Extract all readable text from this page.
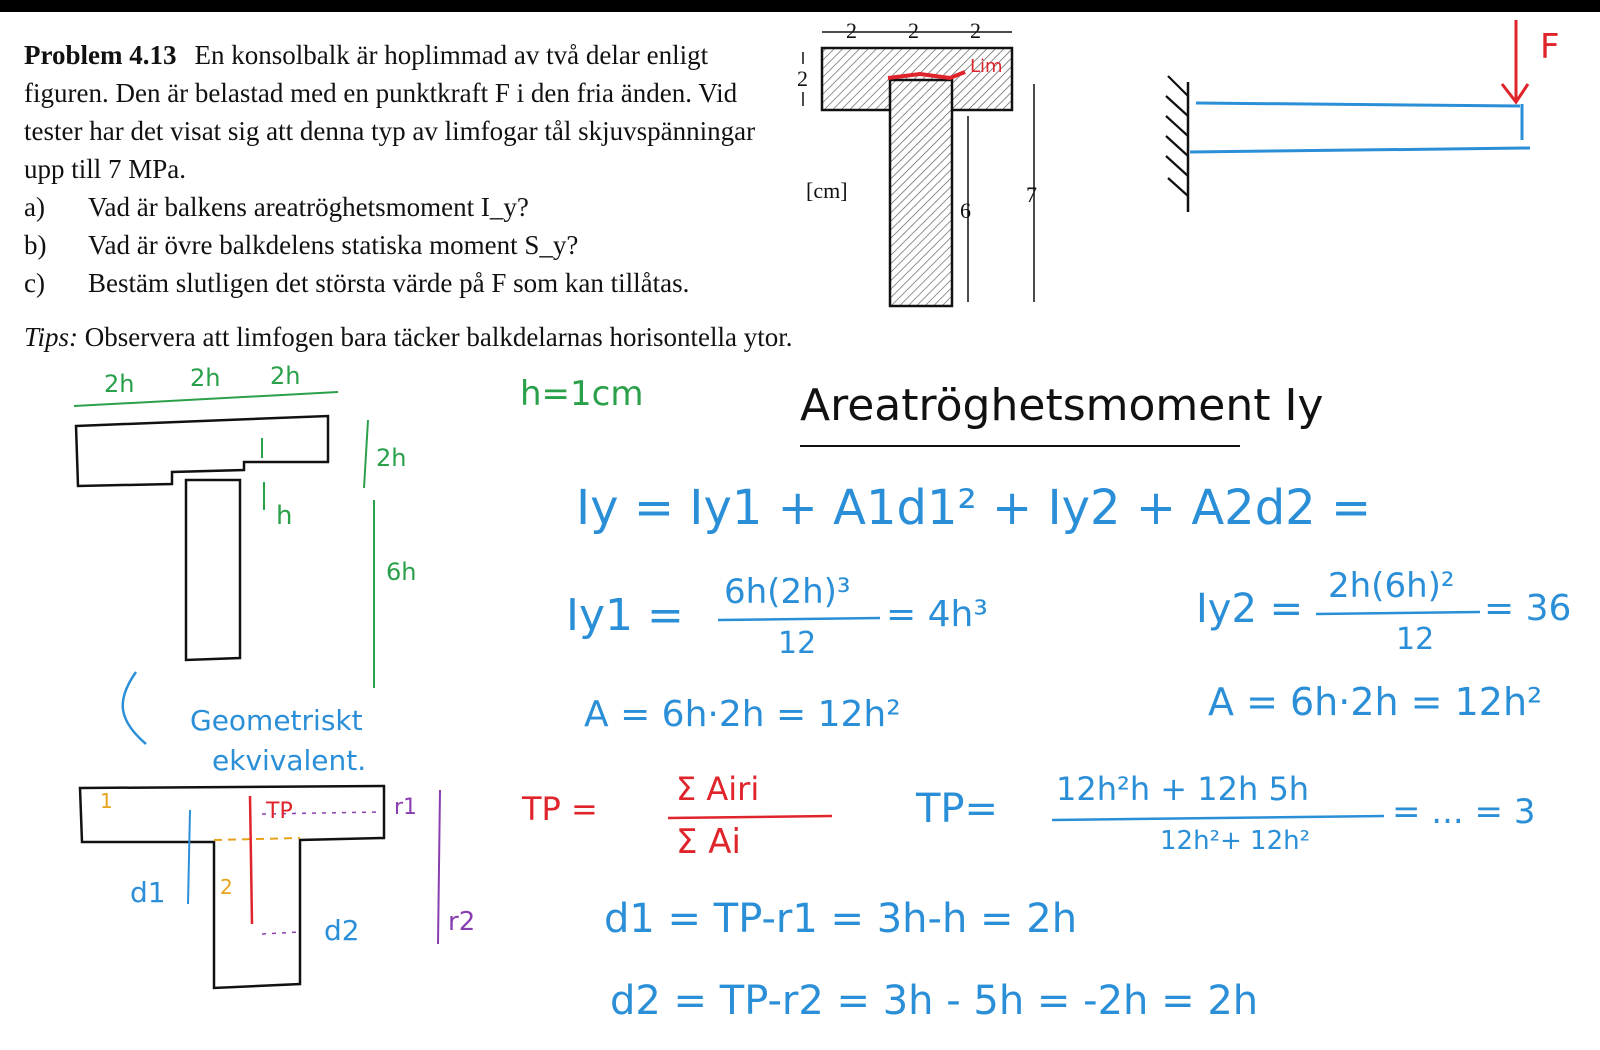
Problem 4.13 En konsolbalk är hoplimmad av två delar enligt figuren. Den är belastad med en punktkraft F i den fria änden. Vid tester har det visat sig att denna typ av limfogar tål skjuvspänningar upp till 7 MPa.

a)	Vad är balkens areatröghetsmoment I_y?
b)	Vad är övre balkdelens statiska moment S_y?
c)	Bestäm slutligen det största värde på F som kan tillåtas.
Tips: Observera att limfogen bara täcker balkdelarnas horisontella ytor.
Lim
2 2 2
2
[cm]
6
7
F
2h 2h 2h
2h
h
6h
Geometriskt
ekvivalent.
1
2
TP
d1
d2
r1
r2
h=1cm	Areatröghetsmoment Iy
Iy = Iy1 + A1d1² + Iy2 + A2d2 =
Iy1 = 6h(2h)³
12
= 4h³	Iy2 = 2h(6h)²
12
= 36
A = 6h·2h = 12h²	A = 6h·2h = 12h²
TP =
Σ Airi
Σ Ai
TP= 12h²h + 12h 5h
12h²+ 12h²
= ... = 3
d1 = TP-r1 = 3h-h = 2h
d2 = TP-r2 = 3h - 5h = -2h = 2h
